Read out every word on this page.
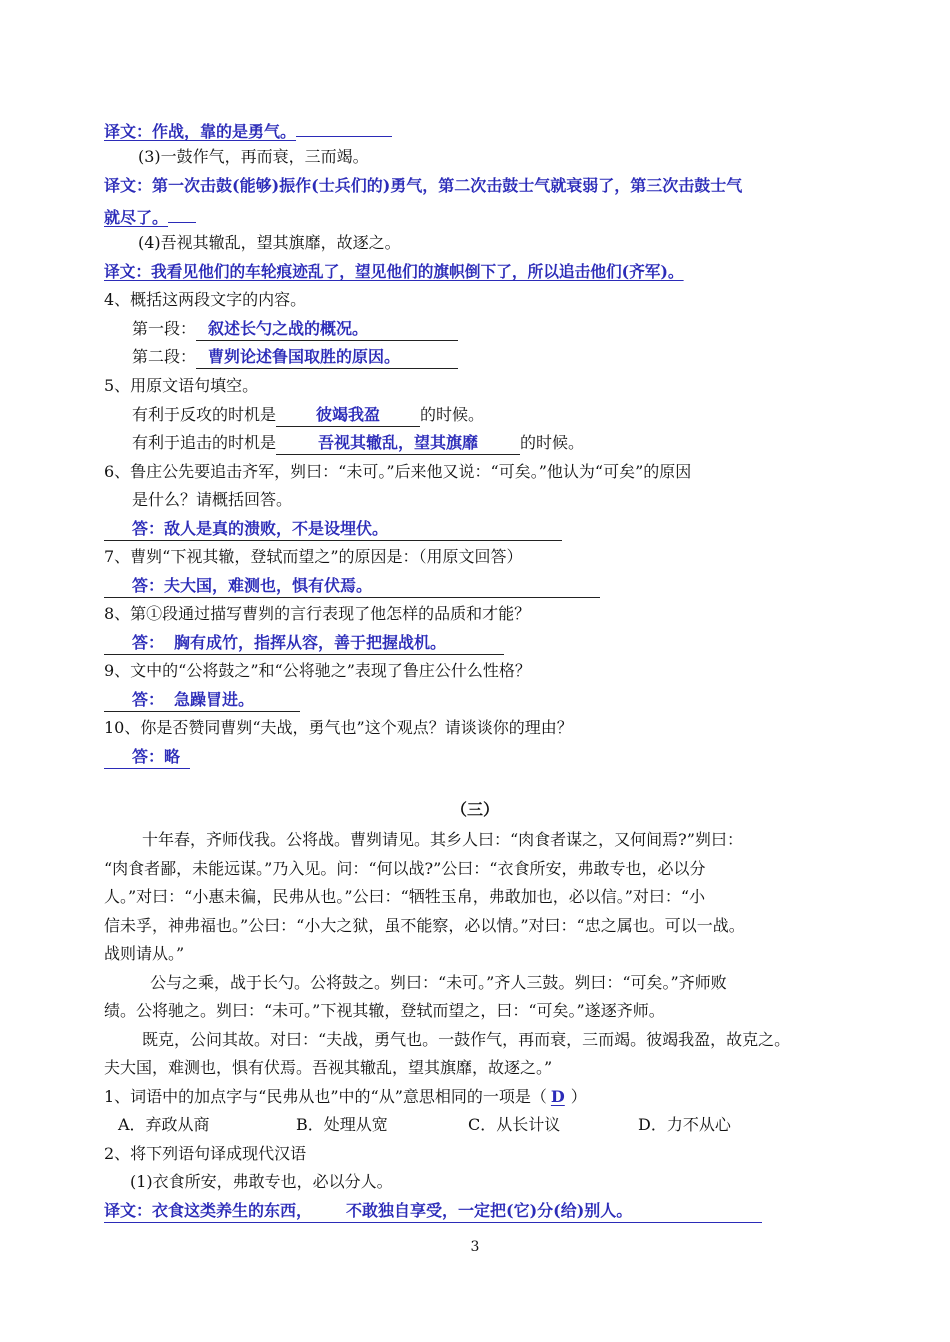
译文：作战，靠的是勇气。
(3)一鼓作气，再而衰，三而竭。
译文：第一次击鼓(能够)振作(士兵们的)勇气，第二次击鼓士气就衰弱了，第三次击鼓士气
就尽了。
(4)吾视其辙乱，望其旗靡，故逐之。
译文：我看见他们的车轮痕迹乱了，望见他们的旗帜倒下了，所以追击他们(齐军)。
4、概括这两段文字的内容。
第一段： 叙述长勺之战的概况。
第二段： 曹刿论述鲁国取胜的原因。
5、用原文语句填空。
有利于反攻的时机是 彼竭我盈	的时候。
有利于追击的时机是	吾视其辙乱，望其旗靡	的时候。
6、鲁庄公先要追击齐军，刿曰：“未可。”后来他又说：“可矣。”他认为“可矣”的原因
是什么？请概括回答。
答：敌人是真的溃败，不是设埋伏。
7、曹刿“下视其辙，登轼而望之”的原因是：（用原文回答）
答：夫大国，难测也，惧有伏焉。
8、第①段通过描写曹刿的言行表现了他怎样的品质和才能？
答： 胸有成竹，指挥从容，善于把握战机。
9、文中的“公将鼓之”和“公将驰之”表现了鲁庄公什么性格？
答： 急躁冒进。
10、你是否赞同曹刿“夫战，勇气也”这个观点？请谈谈你的理由？
答：略
（三）
十年春，齐师伐我。公将战。曹刿请见。其乡人曰：“肉食者谋之，又何间焉?”刿曰：
“肉食者鄙，未能远谋。”乃入见。问：“何以战?”公曰：“衣食所安，弗敢专也，必以分
人。”对曰：“小惠未徧，民弗从也。”公曰：“牺牲玉帛，弗敢加也，必以信。”对曰：“小
信未孚，神弗福也。”公曰：“小大之狱，虽不能察，必以情。”对曰：“忠之属也。可以一战。
战则请从。”
公与之乘，战于长勺。公将鼓之。刿曰：“未可。”齐人三鼓。刿曰：“可矣。”齐师败
绩。公将驰之。刿曰：“未可。”下视其辙，登轼而望之，曰：“可矣。”遂逐齐师。
既克，公问其故。对曰：“夫战，勇气也。一鼓作气，再而衰，三而竭。彼竭我盈，故克之。
夫大国，难测也，惧有伏焉。吾视其辙乱，望其旗靡，故逐之。”
1、词语中的加点字与“民弗从也”中的“从”意思相同的一项是（ D ）
A．弃政从商	B．处理从宽	C．从长计议	D．力不从心
2、将下列语句译成现代汉语
(1)衣食所安，弗敢专也，必以分人。
译文：衣食这类养生的东西， 不敢独自享受，一定把(它)分(给)别人。
3
